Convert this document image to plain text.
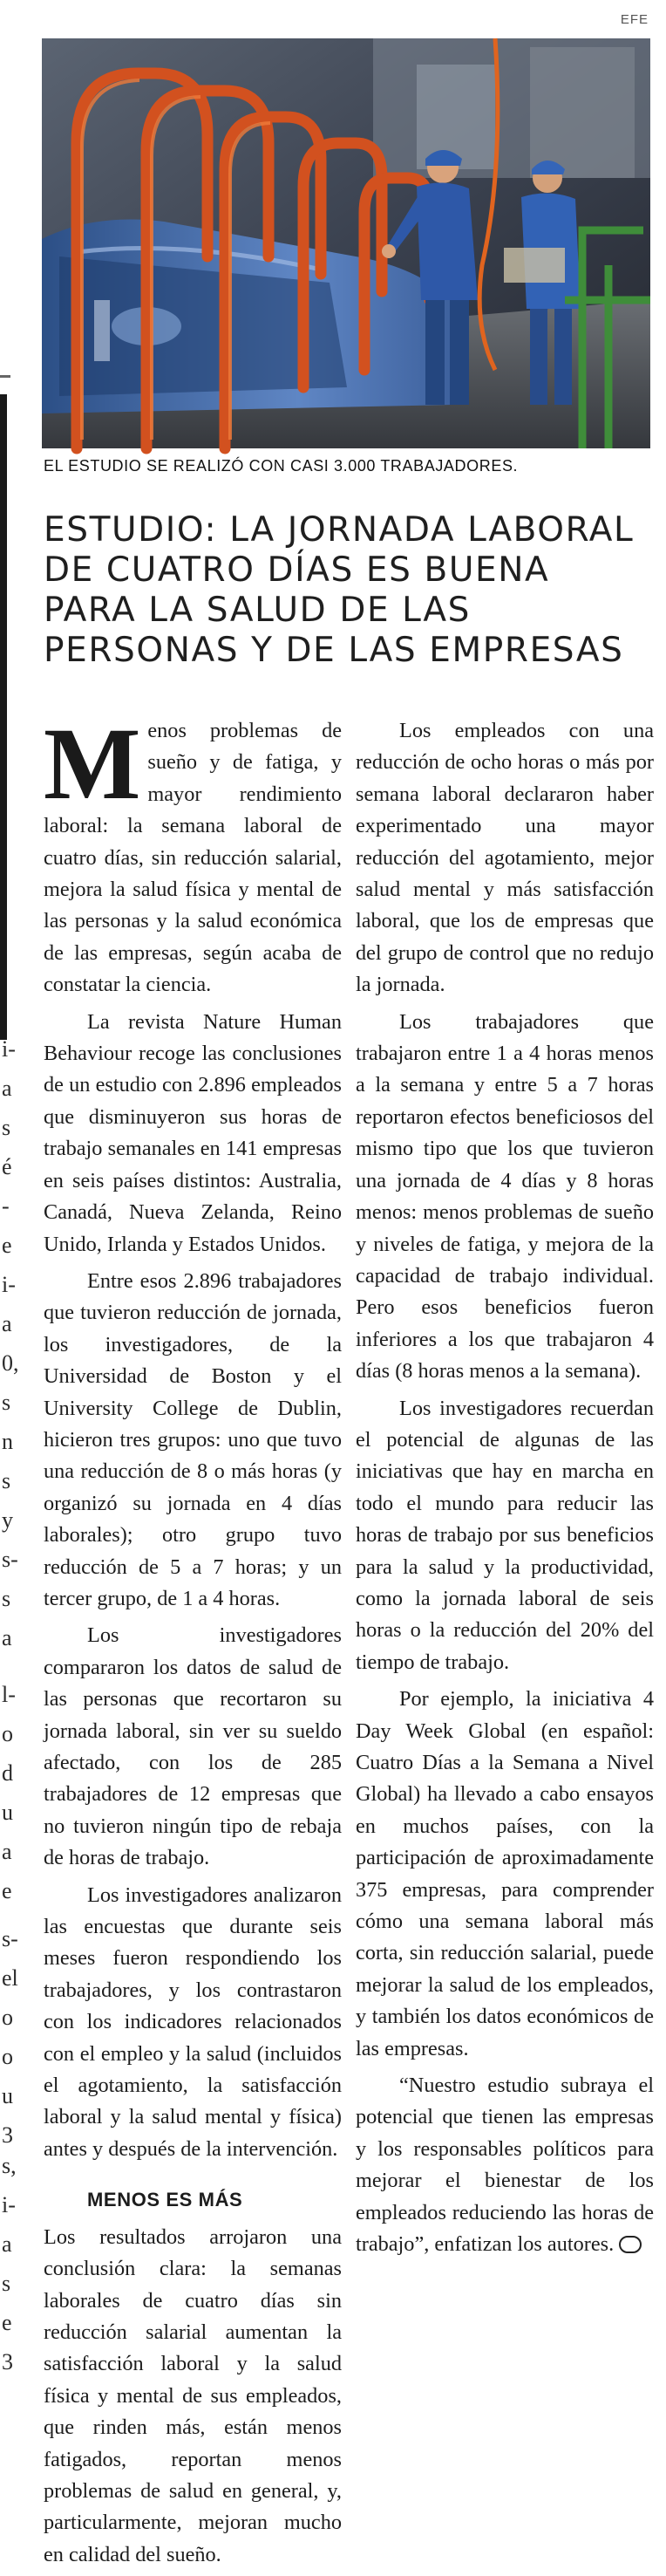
i-
a
s
é
-
e
i-
a
0,
s
n
s
y
s-
s
a
l-
o
d
u
a
e
s-
el
o
o
u
3
s,
i-
a
s
e
3
EFE
EL ESTUDIO SE REALIZÓ CON CASI 3.000 TRABAJADORES.
ESTUDIO: LA JORNADA LABORAL DE CUATRO DÍAS ES BUENA PARA LA SALUD DE LAS PERSONAS Y DE LAS EMPRESAS

Menos problemas de sueño y de fatiga, y mayor rendimiento laboral: la semana laboral de cuatro días, sin reducción salarial, mejora la salud física y mental de las personas y la salud económica de las empresas, según acaba de constatar la ciencia.

La revista Nature Human Behaviour recoge las conclusiones de un estudio con 2.896 empleados que disminuyeron sus horas de trabajo semanales en 141 empresas en seis países distintos: Australia, Canadá, Nueva Zelanda, Reino Unido, Irlanda y Estados Unidos.

Entre esos 2.896 trabajadores que tuvieron reducción de jornada, los investigadores, de la Universidad de Boston y el University College de Dublin, hicieron tres grupos: uno que tuvo una reducción de 8 o más horas (y organizó su jornada en 4 días laborales); otro grupo tuvo reducción de 5 a 7 horas; y un tercer grupo, de 1 a 4 horas.

Los investigadores compararon los datos de salud de las personas que recortaron su jornada laboral, sin ver su sueldo afectado, con los de 285 trabajadores de 12 empresas que no tuvieron ningún tipo de rebaja de horas de trabajo.

Los investigadores analizaron las encuestas que durante seis meses fueron respondiendo los trabajadores, y los contrastaron con los indicadores relacionados con el empleo y la salud (incluidos el agotamiento, la satisfacción laboral y la salud mental y física) antes y después de la intervención.

MENOS ES MÁS

Los resultados arrojaron una conclusión clara: la semanas laborales de cuatro días sin reducción salarial aumentan la satisfacción laboral y la salud física y mental de sus empleados, que rinden más, están menos fatigados, reportan menos problemas de salud en general, y, particularmente, mejoran mucho en calidad del sueño.

Los empleados con una reducción de ocho horas o más por semana laboral declararon haber experimentado una mayor reducción del agotamiento, mejor salud mental y más satisfacción laboral, que los de empresas que del grupo de control que no redujo la jornada.

Los trabajadores que trabajaron entre 1 a 4 horas menos a la semana y entre 5 a 7 horas reportaron efectos beneficiosos del mismo tipo que los que tuvieron una jornada de 4 días y 8 horas menos: menos problemas de sueño y niveles de fatiga, y mejora de la capacidad de trabajo individual. Pero esos beneficios fueron inferiores a los que trabajaron 4 días (8 horas menos a la semana).

Los investigadores recuerdan el potencial de algunas de las iniciativas que hay en marcha en todo el mundo para reducir las horas de trabajo por sus beneficios para la salud y la productividad, como la jornada laboral de seis horas o la reducción del 20% del tiempo de trabajo.

Por ejemplo, la iniciativa 4 Day Week Global (en español: Cuatro Días a la Semana a Nivel Global) ha llevado a cabo ensayos en muchos países, con la participación de aproximadamente 375 empresas, para comprender cómo una semana laboral más corta, sin reducción salarial, puede mejorar la salud de los empleados, y también los datos económicos de las empresas.

“Nuestro estudio subraya el potencial que tienen las empresas y los responsables políticos para mejorar el bienestar de los empleados reduciendo las horas de trabajo”, enfatizan los autores.
